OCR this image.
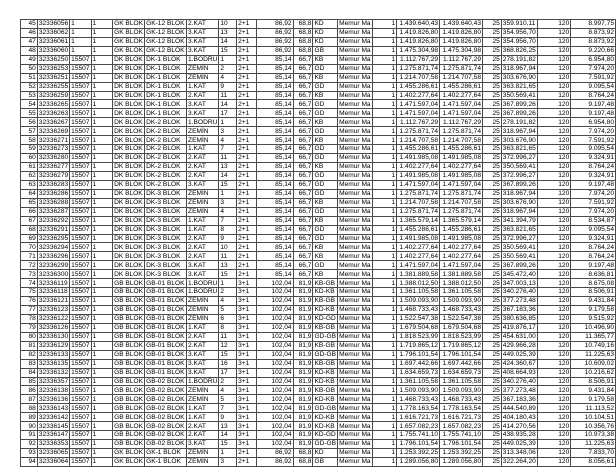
45	32336056	1	1	GK BLOK	GK-12 BLOK	2.KAT	10	2+1	86,92	68,8	KD	Memur Ma	1	1.439.640,43	1.439.640,43	25	359.910,11	120	8.997,75
46	32336062	1	1	GK BLOK	GK-12 BLOK	3.KAT	13	2+1	86,92	68,8	KD	Memur Ma	1	1.419.826,80	1.419.826,80	25	354.956,70	120	8.873,92
47	32336061	1	1	GK BLOK	GK-12 BLOK	3.KAT	14	2+1	86,92	68,8	KD	Memur Ma	1	1.419.826,80	1.419.826,80	25	354.956,70	120	8.873,92
48	32336060	1	1	GK BLOK	GK-12 BLOK	3.KAT	15	2+1	86,92	68,8	GB	Memur Ma	1	1.475.304,98	1.475.304,98	25	368.826,25	120	9.220,66
49	32336250	15507	1	DK BLOK	DK-1 BLOK	1.BODRU	1	2+1	85,14	66,7	KB	Memur Ma	1	1.112.767,29	1.112.767,29	25	278.191,82	120	6.954,80
50	32336253	15507	1	DK BLOK	DK-1 BLOK	ZEMİN	2	2+1	85,14	66,7	GD	Memur Ma	1	1.275.871,74	1.275.871,74	25	318.967,94	120	7.974,20
51	32336251	15507	1	DK BLOK	DK-1 BLOK	ZEMİN	4	2+1	85,14	66,7	KB	Memur Ma	1	1.214.707,58	1.214.707,58	25	303.676,90	120	7.591,92
52	32336255	15507	1	DK BLOK	DK-1 BLOK	1.KAT	9	2+1	85,14	66,7	GD	Memur Ma	1	1.455.286,61	1.455.286,61	25	363.821,65	120	9.095,54
53	32336259	15507	1	DK BLOK	DK-1 BLOK	2.KAT	11	2+1	85,14	66,7	KB	Memur Ma	1	1.402.277,64	1.402.277,64	25	350.569,41	120	8.764,24
54	32336265	15507	1	DK BLOK	DK-1 BLOK	3.KAT	14	2+1	85,14	66,7	GD	Memur Ma	1	1.471.597,04	1.471.597,04	25	367.899,26	120	9.197,48
55	32336263	15507	1	DK BLOK	DK-1 BLOK	3.KAT	17	2+1	85,14	66,7	GD	Memur Ma	1	1.471.597,04	1.471.597,04	25	367.899,26	120	9.197,48
56	32336267	15507	1	DK BLOK	DK-2 BLOK	1.BODRU	1	2+1	85,14	66,7	KB	Memur Ma	1	1.112.767,29	1.112.767,29	25	278.191,82	120	6.954,80
57	32336269	15507	1	DK BLOK	DK-2 BLOK	ZEMİN	3	2+1	85,14	66,7	GD	Memur Ma	1	1.275.871,74	1.275.871,74	25	318.967,94	120	7.974,20
58	32336271	15507	1	DK BLOK	DK-2 BLOK	ZEMİN	4	2+1	85,14	66,7	KB	Memur Ma	1	1.214.707,58	1.214.707,58	25	303.676,90	120	7.591,92
59	32336273	15507	1	DK BLOK	DK-2 BLOK	1.KAT	7	2+1	85,14	66,7	GD	Memur Ma	1	1.455.286,61	1.455.286,61	25	363.821,65	120	9.095,54
60	32336280	15507	1	DK BLOK	DK-2 BLOK	2.KAT	11	2+1	85,14	66,7	GD	Memur Ma	1	1.491.985,08	1.491.985,08	25	372.996,27	120	9.324,91
61	32336277	15507	1	DK BLOK	DK-2 BLOK	2.KAT	13	2+1	85,14	66,7	KB	Memur Ma	1	1.402.277,64	1.402.277,64	25	350.569,41	120	8.764,24
62	32336279	15507	1	DK BLOK	DK-2 BLOK	2.KAT	14	2+1	85,14	66,7	GD	Memur Ma	1	1.491.985,08	1.491.985,08	25	372.996,27	120	9.324,91
63	32336283	15507	1	DK BLOK	DK-2 BLOK	3.KAT	15	2+1	85,14	66,7	GD	Memur Ma	1	1.471.597,04	1.471.597,04	25	367.899,26	120	9.197,48
64	32336286	15507	1	DK BLOK	DK-3 BLOK	ZEMİN	1	2+1	85,14	66,7	GD	Memur Ma	1	1.275.871,74	1.275.871,74	25	318.967,94	120	7.974,20
65	32336288	15507	1	DK BLOK	DK-3 BLOK	ZEMİN	3	2+1	85,14	66,7	KB	Memur Ma	1	1.214.707,58	1.214.707,58	25	303.676,90	120	7.591,92
66	32336287	15507	1	DK BLOK	DK-3 BLOK	ZEMİN	4	2+1	85,14	66,7	GD	Memur Ma	1	1.275.871,74	1.275.871,74	25	318.967,94	120	7.974,20
67	32336292	15507	1	DK BLOK	DK-3 BLOK	1.KAT	7	2+1	85,14	66,7	KB	Memur Ma	1	1.365.579,14	1.365.579,14	25	341.394,79	120	8.534,87
68	32336291	15507	1	DK BLOK	DK-3 BLOK	1.KAT	8	2+1	85,14	66,7	GD	Memur Ma	1	1.455.286,61	1.455.286,61	25	363.821,65	120	9.095,54
69	32336295	15507	1	DK BLOK	DK-3 BLOK	2.KAT	9	2+1	85,14	66,7	GD	Memur Ma	1	1.491.985,08	1.491.985,08	25	372.996,27	120	9.324,91
70	32336294	15507	1	DK BLOK	DK-3 BLOK	2.KAT	10	2+1	85,14	66,7	KB	Memur Ma	1	1.402.277,64	1.402.277,64	25	350.569,41	120	8.764,24
71	32336296	15507	1	DK BLOK	DK-3 BLOK	2.KAT	11	2+1	85,14	66,7	KB	Memur Ma	1	1.402.277,64	1.402.277,64	25	350.569,41	120	8.764,24
72	32336299	15507	1	DK BLOK	DK-3 BLOK	3.KAT	13	2+1	85,14	66,7	GD	Memur Ma	1	1.471.597,04	1.471.597,04	25	367.899,26	120	9.197,48
73	32336300	15507	1	DK BLOK	DK-3 BLOK	3.KAT	15	2+1	85,14	66,7	KB	Memur Ma	1	1.381.889,58	1.381.889,58	25	345.472,40	120	8.636,81
74	32336119	15507	1	GB BLOK	GB-01 BLOK	1.BODRU	1	3+1	102,04	81,9	KB-GB	Memur Ma	1	1.388.012,50	1.388.012,50	25	347.003,13	120	8.675,08
75	32336118	15507	1	GB BLOK	GB-01 BLOK	1.BODRU	2	3+1	102,04	81,9	KD-KB	Memur Ma	1	1.361.105,58	1.361.105,58	25	340.276,40	120	8.506,91
76	32336121	15507	1	GB BLOK	GB-01 BLOK	ZEMİN	4	3+1	102,04	81,9	KB-GB	Memur Ma	1	1.509.093,90	1.509.093,90	25	377.273,48	120	9.431,84
77	32336123	15507	1	GB BLOK	GB-01 BLOK	ZEMİN	5	3+1	102,04	81,9	KD-KB	Memur Ma	1	1.468.733,43	1.468.733,43	25	367.183,36	120	9.179,58
78	32336122	15507	1	GB BLOK	GB-01 BLOK	ZEMİN	6	3+1	102,04	81,9	KD-GD	Memur Ma	1	1.522.547,38	1.522.547,38	25	380.636,85	120	9.515,92
79	32336126	15507	1	GB BLOK	GB-01 BLOK	1.KAT	8	3+1	102,04	81,9	KB-GB	Memur Ma	1	1.679.504,68	1.679.504,68	25	419.876,17	120	10.496,90
80	32336130	15507	1	GB BLOK	GB-01 BLOK	2.KAT	11	3+1	102,04	81,9	GD-GB	Memur Ma	1	1.818.523,99	1.818.523,99	25	454.631,00	120	11.365,77
81	32336129	15507	1	GB BLOK	GB-01 BLOK	2.KAT	12	3+1	102,04	81,9	KB-GB	Memur Ma	1	1.719.865,12	1.719.865,12	25	429.966,28	120	10.749,16
82	32336133	15507	1	GB BLOK	GB-01 BLOK	3.KAT	15	3+1	102,04	81,9	GD-GB	Memur Ma	1	1.796.101,54	1.796.101,54	25	449.025,39	120	11.225,63
83	32336135	15507	1	GB BLOK	GB-01 BLOK	3.KAT	16	3+1	102,04	81,9	KB-GB	Memur Ma	1	1.697.442,66	1.697.442,66	25	424.360,67	120	10.609,02
84	32336132	15507	1	GB BLOK	GB-01 BLOK	3.KAT	17	3+1	102,04	81,9	KD-KB	Memur Ma	1	1.634.659,73	1.634.659,73	25	408.664,93	120	10.216,62
85	32336357	15507	1	GB BLOK	GB-02 BLOK	1.BODRU	2	3+1	102,04	81,9	KD-KB	Memur Ma	1	1.361.105,58	1.361.105,58	25	340.276,40	120	8.506,91
86	32336138	15507	1	GB BLOK	GB-02 BLOK	ZEMİN	4	3+1	102,04	81,9	KB-GB	Memur Ma	1	1.509.093,90	1.509.093,90	25	377.273,48	120	9.431,84
87	32336136	15507	1	GB BLOK	GB-02 BLOK	ZEMİN	5	3+1	102,04	81,9	KD-KB	Memur Ma	1	1.468.733,43	1.468.733,43	25	367.183,36	120	9.179,58
88	32336143	15507	1	GB BLOK	GB-02 BLOK	1.KAT	7	3+1	102,04	81,9	GD-GB	Memur Ma	1	1.778.163,54	1.778.163,54	25	444.540,89	120	11.113,52
89	32336142	15507	1	GB BLOK	GB-02 BLOK	1.KAT	9	3+1	102,04	81,9	KD-KB	Memur Ma	1	1.616.721,73	1.616.721,73	25	404.180,43	120	10.104,51
90	32336145	15507	1	GB BLOK	GB-02 BLOK	2.KAT	13	3+1	102,04	81,9	KD-KB	Memur Ma	1	1.657.082,23	1.657.082,23	25	414.270,56	120	10.356,76
91	32336147	15507	1	GB BLOK	GB-02 BLOK	2.KAT	14	3+1	102,04	81,9	KD-GD	Memur Ma	1	1.755.741,10	1.755.741,10	25	438.935,28	120	10.973,38
92	32336353	15507	1	GB BLOK	GB-02 BLOK	3.KAT	15	3+1	102,04	81,9	GD-GB	Memur Ma	1	1.796.101,54	1.796.101,54	25	449.025,39	120	11.225,63
93	32336065	15507	1	GK BLOK	GK-1 BLOK	ZEMİN	1	2+1	86,92	68,8	KD	Memur Ma	1	1.253.392,25	1.253.392,25	25	313.348,06	120	7.833,70
94	32336064	15507	1	GK BLOK	GK-1 BLOK	ZEMİN	3	2+1	86,92	68,8	GB	Memur Ma	1	1.289.056,80	1.289.056,80	25	322.264,20	120	8.056,61
